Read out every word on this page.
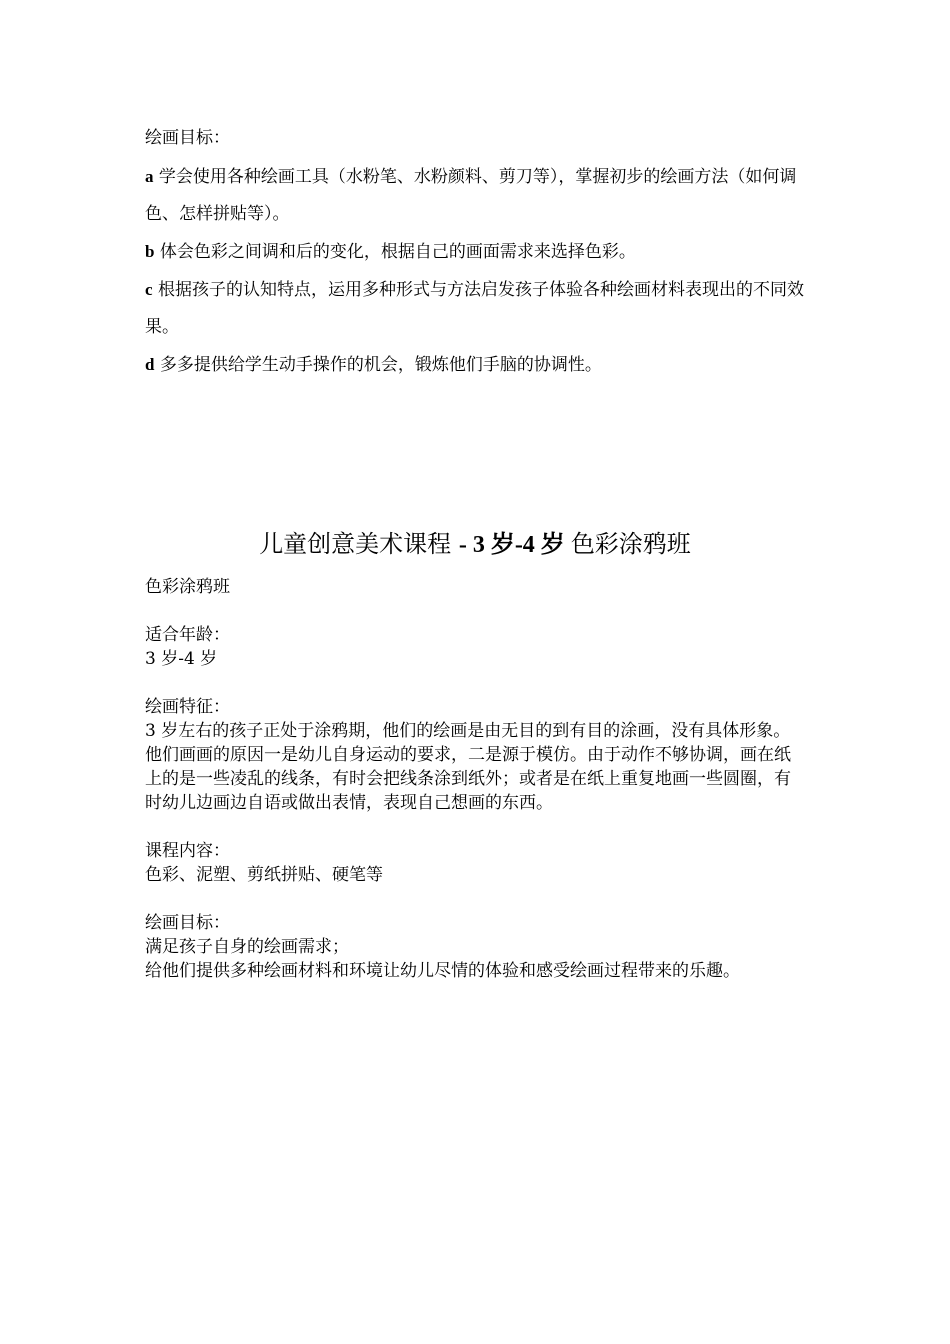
绘画目标：

a 学会使用各种绘画工具（水粉笔、水粉颜料、剪刀等），掌握初步的绘画方法（如何调色、怎样拼贴等）。

b 体会色彩之间调和后的变化，根据自己的画面需求来选择色彩。

c 根据孩子的认知特点，运用多种形式与方法启发孩子体验各种绘画材料表现出的不同效果。

d 多多提供给学生动手操作的机会，锻炼他们手脑的协调性。

儿童创意美术课程 - 3 岁-4 岁 色彩涂鸦班

色彩涂鸦班

适合年龄：

3 岁-4 岁

绘画特征：

3 岁左右的孩子正处于涂鸦期，他们的绘画是由无目的到有目的涂画，没有具体形象。他们画画的原因一是幼儿自身运动的要求，二是源于模仿。由于动作不够协调，画在纸上的是一些凌乱的线条，有时会把线条涂到纸外；或者是在纸上重复地画一些圆圈，有时幼儿边画边自语或做出表情，表现自己想画的东西。

课程内容：

色彩、泥塑、剪纸拼贴、硬笔等

绘画目标：

满足孩子自身的绘画需求；

给他们提供多种绘画材料和环境让幼儿尽情的体验和感受绘画过程带来的乐趣。
